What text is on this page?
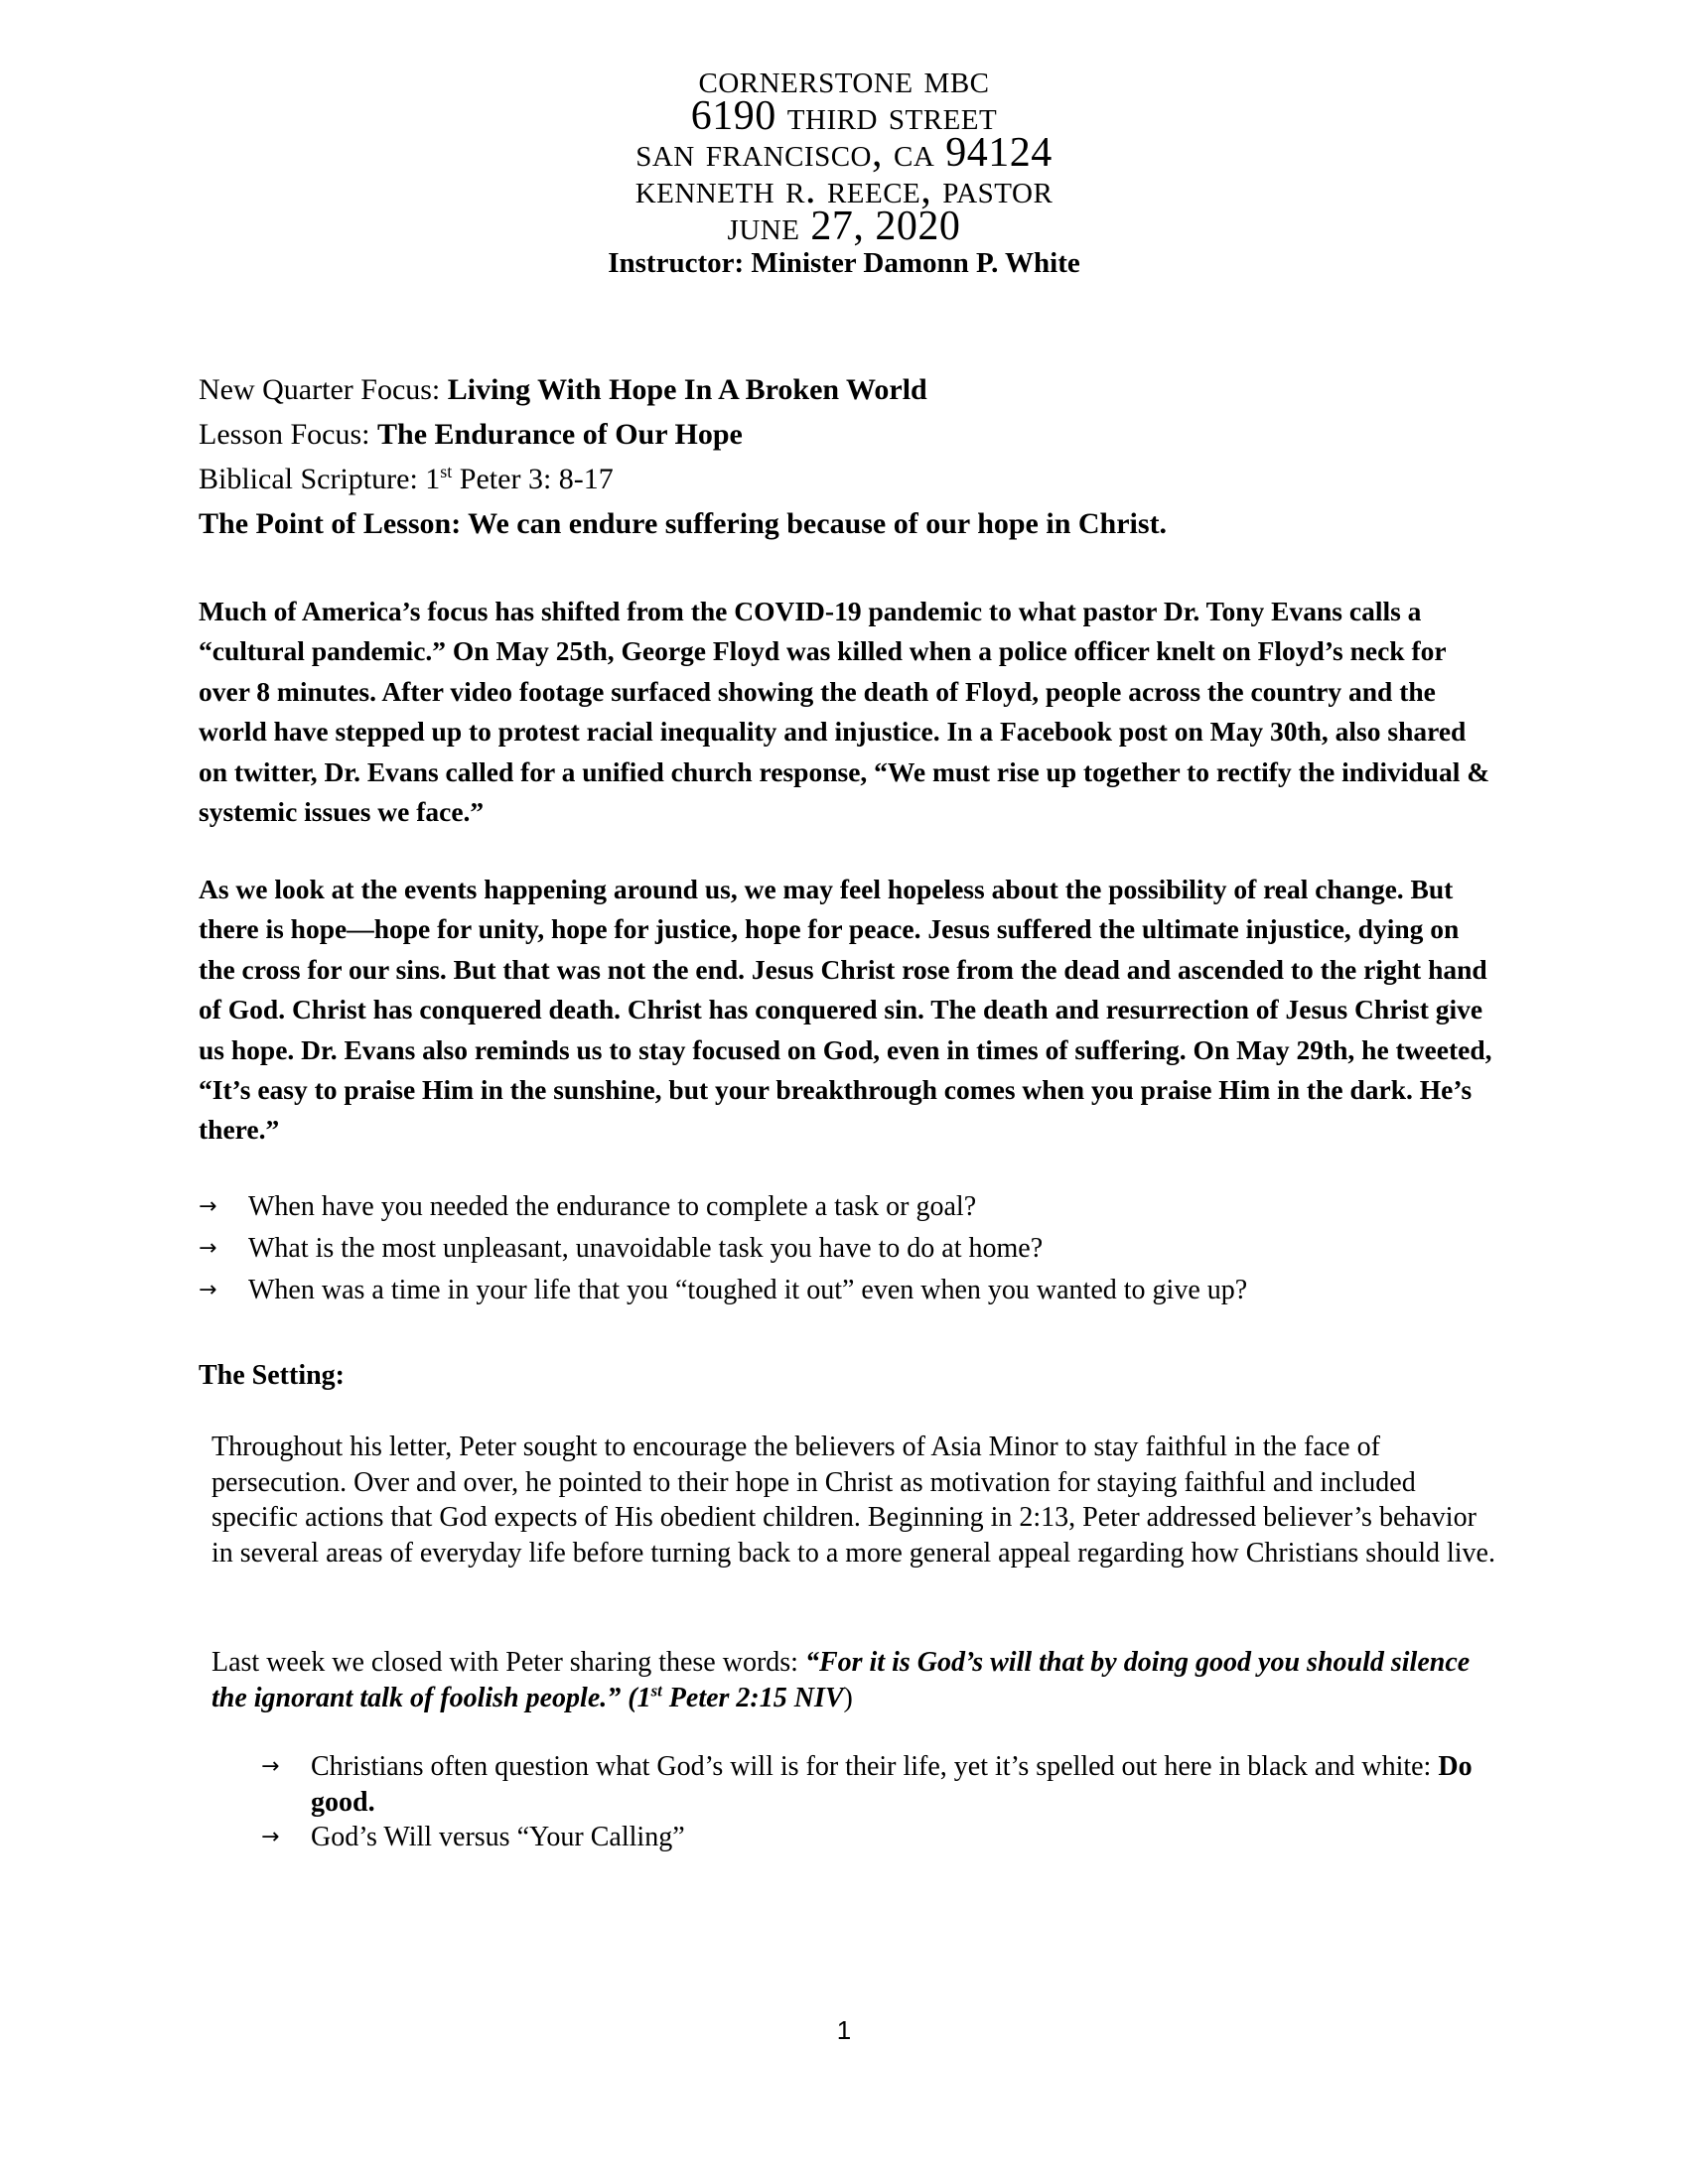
cornerstone mbc
6190 third street
san francisco, ca 94124
kenneth r. reece, pastor
june 27, 2020
Instructor: Minister Damonn P. White
New Quarter Focus: Living With Hope In A Broken World
Lesson Focus: The Endurance of Our Hope
Biblical Scripture: 1st Peter 3: 8-17
The Point of Lesson: We can endure suffering because of our hope in Christ.
Much of America’s focus has shifted from the COVID-19 pandemic to what pastor Dr. Tony Evans calls a “cultural pandemic.” On May 25th, George Floyd was killed when a police officer knelt on Floyd’s neck for over 8 minutes. After video footage surfaced showing the death of Floyd, people across the country and the world have stepped up to protest racial inequality and injustice. In a Facebook post on May 30th, also shared on twitter, Dr. Evans called for a unified church response, “We must rise up together to rectify the individual & systemic issues we face.”
As we look at the events happening around us, we may feel hopeless about the possibility of real change. But there is hope—hope for unity, hope for justice, hope for peace. Jesus suffered the ultimate injustice, dying on the cross for our sins. But that was not the end. Jesus Christ rose from the dead and ascended to the right hand of God. Christ has conquered death. Christ has conquered sin. The death and resurrection of Jesus Christ give us hope. Dr. Evans also reminds us to stay focused on God, even in times of suffering. On May 29th, he tweeted, “It’s easy to praise Him in the sunshine, but your breakthrough comes when you praise Him in the dark. He’s there.”
→ When have you needed the endurance to complete a task or goal?
→ What is the most unpleasant, unavoidable task you have to do at home?
→ When was a time in your life that you “toughed it out” even when you wanted to give up?
The Setting:
Throughout his letter, Peter sought to encourage the believers of Asia Minor to stay faithful in the face of persecution. Over and over, he pointed to their hope in Christ as motivation for staying faithful and included specific actions that God expects of His obedient children. Beginning in 2:13, Peter addressed believer’s behavior in several areas of everyday life before turning back to a more general appeal regarding how Christians should live.
Last week we closed with Peter sharing these words: “For it is God’s will that by doing good you should silence the ignorant talk of foolish people.” (1st Peter 2:15 NIV)
→ Christians often question what God’s will is for their life, yet it’s spelled out here in black and white: Do good.
→ God’s Will versus “Your Calling”
1
